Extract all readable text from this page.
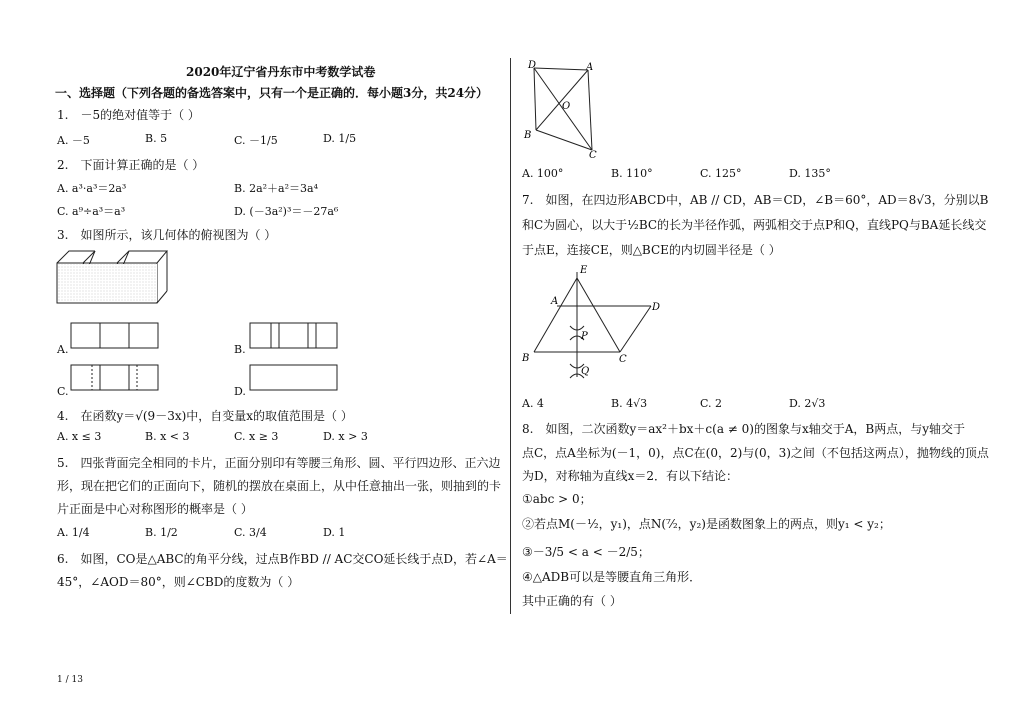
2020年辽宁省丹东市中考数学试卷
一、选择题（下列各题的备选答案中，只有一个是正确的．每小题3分，共24分）
1.　－5的绝对值等于（ ）
A. －5	B. 5	C. －1/5	D. 1/5
2.　下面计算正确的是（ ）
A. a³·a³＝2a³	B. 2a²＋a²＝3a⁴
C. a⁹÷a³＝a³	D. (－3a²)³＝－27a⁶
3.　如图所示，该几何体的俯视图为（ ）
A.	B.
C.	D.
4.　在函数y＝√(9－3x)中，自变量x的取值范围是（ ）
A. x ≤ 3	B. x < 3	C. x ≥ 3	D. x > 3
5.　四张背面完全相同的卡片，正面分别印有等腰三角形、圆、平行四边形、正六边
形，现在把它们的正面向下，随机的摆放在桌面上，从中任意抽出一张，则抽到的卡
片正面是中心对称图形的概率是（ ）
A. 1/4	B. 1/2	C. 3/4	D. 1
6.　如图，CO是△ABC的角平分线，过点B作BD // AC交CO延长线于点D，若∠A＝
45°，∠AOD＝80°，则∠CBD的度数为（ ）
1 / 13
D	A
O
B
C
A. 100°	B. 110°	C. 125°	D. 135°
7.　如图，在四边形ABCD中，AB // CD，AB＝CD，∠B＝60°，AD＝8√3，分别以B
和C为圆心，以大于½BC的长为半径作弧，两弧相交于点P和Q，直线PQ与BA延长线交
于点E，连接CE，则△BCE的内切圆半径是（ ）
E
A
D
P
B	C
Q
A. 4	B. 4√3	C. 2	D. 2√3
8.　如图，二次函数y＝ax²＋bx＋c(a ≠ 0)的图象与x轴交于A，B两点，与y轴交于
点C，点A坐标为(－1，0)，点C在(0，2)与(0，3)之间（不包括这两点），抛物线的顶点
为D，对称轴为直线x＝2．有以下结论：
①abc > 0；
②若点M(－½，y₁)，点N(⁷⁄₂，y₂)是函数图象上的两点，则y₁ < y₂；
③－3/5 < a < －2/5；
④△ADB可以是等腰直角三角形．
其中正确的有（ ）
